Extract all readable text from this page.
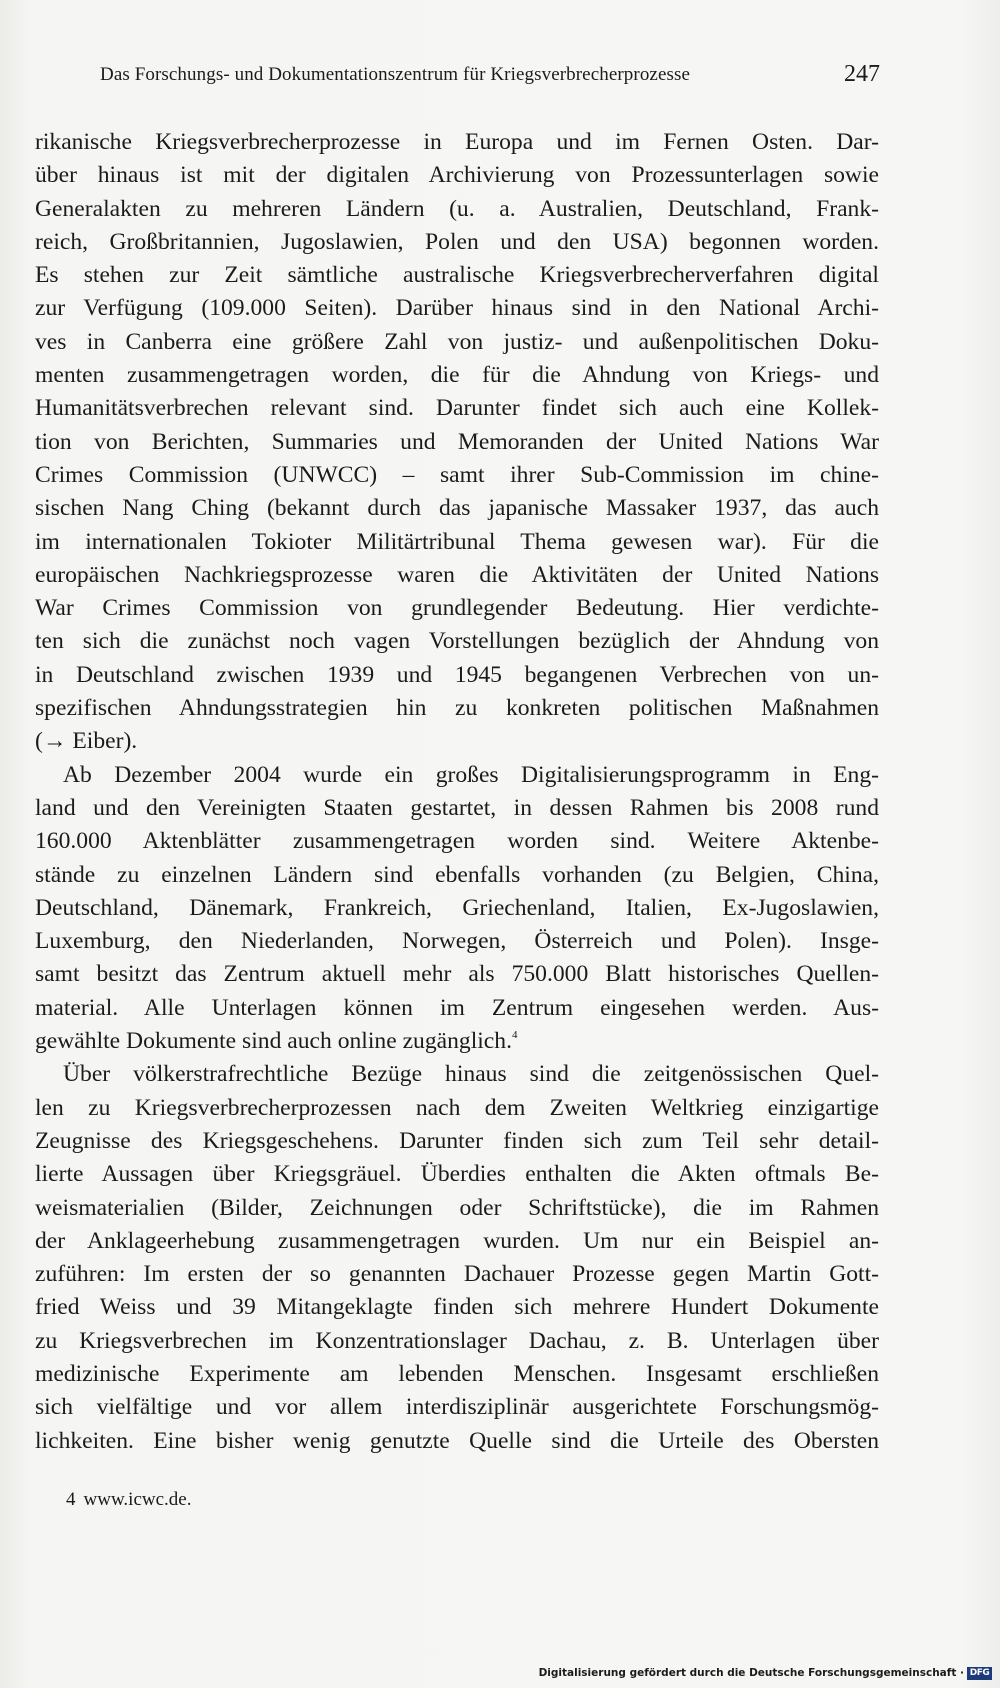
Das Forschungs- und Dokumentationszentrum für Kriegsverbrecherprozesse	247
rikanische Kriegsverbrecherprozesse in Europa und im Fernen Osten. Dar-
über hinaus ist mit der digitalen Archivierung von Prozessunterlagen sowie
Generalakten zu mehreren Ländern (u. a. Australien, Deutschland, Frank-
reich, Großbritannien, Jugoslawien, Polen und den USA) begonnen worden.
Es stehen zur Zeit sämtliche australische Kriegsverbrecherverfahren digital
zur Verfügung (109.000 Seiten). Darüber hinaus sind in den National Archi-
ves in Canberra eine größere Zahl von justiz- und außenpolitischen Doku-
menten zusammengetragen worden, die für die Ahndung von Kriegs- und
Humanitätsverbrechen relevant sind. Darunter findet sich auch eine Kollek-
tion von Berichten, Summaries und Memoranden der United Nations War
Crimes Commission (UNWCC) – samt ihrer Sub-Commission im chine-
sischen Nang Ching (bekannt durch das japanische Massaker 1937, das auch
im internationalen Tokioter Militärtribunal Thema gewesen war). Für die
europäischen Nachkriegsprozesse waren die Aktivitäten der United Nations
War Crimes Commission von grundlegender Bedeutung. Hier verdichte-
ten sich die zunächst noch vagen Vorstellungen bezüglich der Ahndung von
in Deutschland zwischen 1939 und 1945 begangenen Verbrechen von un-
spezifischen Ahndungsstrategien hin zu konkreten politischen Maßnahmen
(→ Eiber).
Ab Dezember 2004 wurde ein großes Digitalisierungsprogramm in Eng-
land und den Vereinigten Staaten gestartet, in dessen Rahmen bis 2008 rund
160.000 Aktenblätter zusammengetragen worden sind. Weitere Aktenbe-
stände zu einzelnen Ländern sind ebenfalls vorhanden (zu Belgien, China,
Deutschland, Dänemark, Frankreich, Griechenland, Italien, Ex-Jugoslawien,
Luxemburg, den Niederlanden, Norwegen, Österreich und Polen). Insge-
samt besitzt das Zentrum aktuell mehr als 750.000 Blatt historisches Quellen-
material. Alle Unterlagen können im Zentrum eingesehen werden. Aus-
gewählte Dokumente sind auch online zugänglich.$^4$
Über völkerstrafrechtliche Bezüge hinaus sind die zeitgenössischen Quel-
len zu Kriegsverbrecherprozessen nach dem Zweiten Weltkrieg einzigartige
Zeugnisse des Kriegsgeschehens. Darunter finden sich zum Teil sehr detail-
lierte Aussagen über Kriegsgräuel. Überdies enthalten die Akten oftmals Be-
weismaterialien (Bilder, Zeichnungen oder Schriftstücke), die im Rahmen
der Anklageerhebung zusammengetragen wurden. Um nur ein Beispiel an-
zuführen: Im ersten der so genannten Dachauer Prozesse gegen Martin Gott-
fried Weiss und 39 Mitangeklagte finden sich mehrere Hundert Dokumente
zu Kriegsverbrechen im Konzentrationslager Dachau, z. B. Unterlagen über
medizinische Experimente am lebenden Menschen. Insgesamt erschließen
sich vielfältige und vor allem interdisziplinär ausgerichtete Forschungsmög-
lichkeiten. Eine bisher wenig genutzte Quelle sind die Urteile des Obersten
4 www.icwc.de.
Digitalisierung gefördert durch die Deutsche Forschungsgemeinschaft · DFG
